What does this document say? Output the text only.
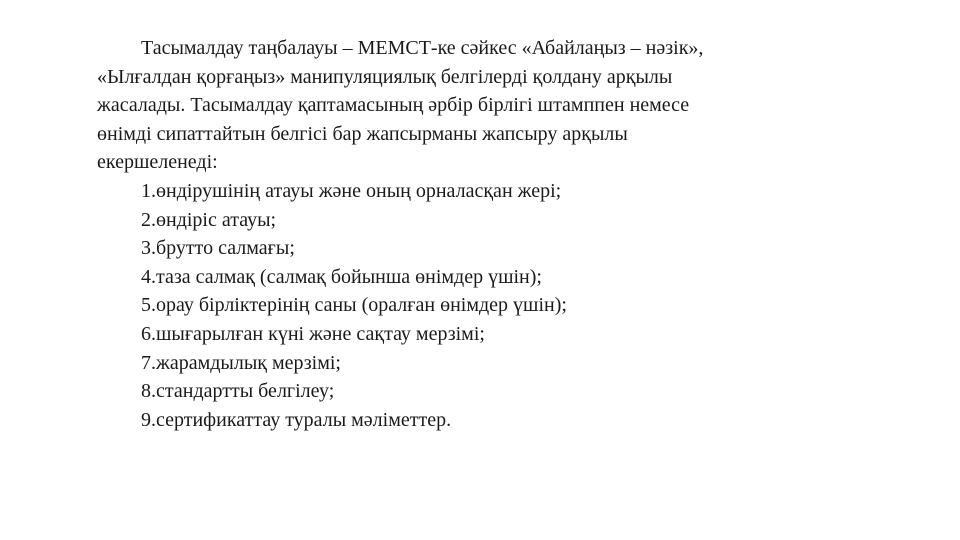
Тасымалдау таңбалауы – МЕМСТ-ке сәйкес «Абайлаңыз – нәзік»,
«Ылғалдан қорғаңыз» манипуляциялық белгілерді қолдану арқылы
жасалады. Тасымалдау қаптамасының әрбір бірлігі штамппен немесе
өнімді сипаттайтын белгісі бар жапсырманы жапсыру арқылы
екершеленеді:
1.өндірушінің атауы және оның орналасқан жері;
2.өндіріс атауы;
3.брутто салмағы;
4.таза салмақ (салмақ бойынша өнімдер үшін);
5.орау бірліктерінің саны (оралған өнімдер үшін);
6.шығарылған күні және сақтау мерзімі;
7.жарамдылық мерзімі;
8.стандартты белгілеу;
9.сертификаттау туралы мәліметтер.
